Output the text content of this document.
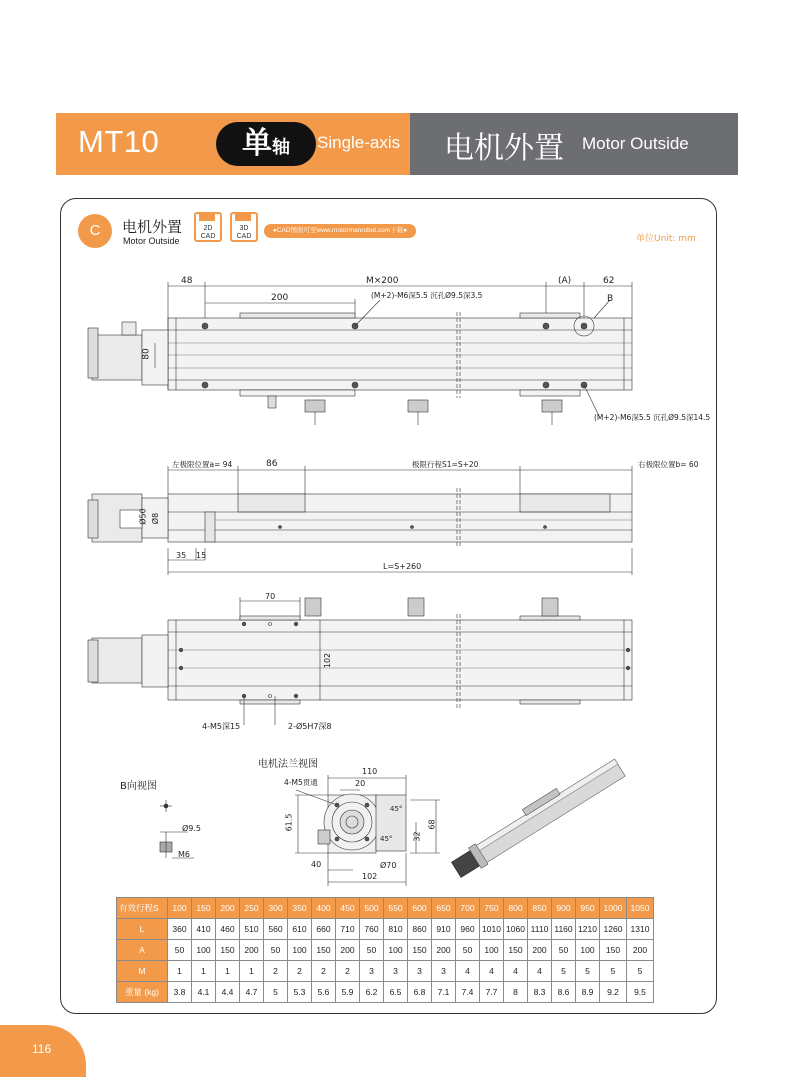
MT10	单轴	Single-axis 电机外置 Motor Outside
C	电机外置
Motor Outside
2D CAD
3D CAD
●CAD图面可至www.motormanrobot.com下载●
单位Unit: mm
48	M×200	(A)	62
200	(M+2)-M6深5.5 沉孔Ø9.5深3.5	B
80
(M+2)-M6深5.5 沉孔Ø9.5深14.5
左极限位置a= 94	86	极限行程S1=S+20	右极限位置b= 60
Ø50 Ø8
35 15
L=S+260
70
102
4-M5深15	2-Ø5H7深8
电机法兰视图
4-M5贯通
110
20
45°
45°
61.5
32
68
40	Ø70
102
B向视图
Ø9.5
M6
有效行程S	100	150	200	250	300	350	400	450	500	550	600	650	700	750	800	850	900	950	1000	1050
L	360	410	460	510	560	610	660	710	760	810	860	910	960	1010	1060	1110	1160	1210	1260	1310
A	50	100	150	200	50	100	150	200	50	100	150	200	50	100	150	200	50	100	150	200
M	1	1	1	1	2	2	2	2	3	3	3	3	4	4	4	4	5	5	5	5
重量 (kg)	3.8	4.1	4.4	4.7	5	5.3	5.6	5.9	6.2	6.5	6.8	7.1	7.4	7.7	8	8.3	8.6	8.9	9.2	9.5
116
